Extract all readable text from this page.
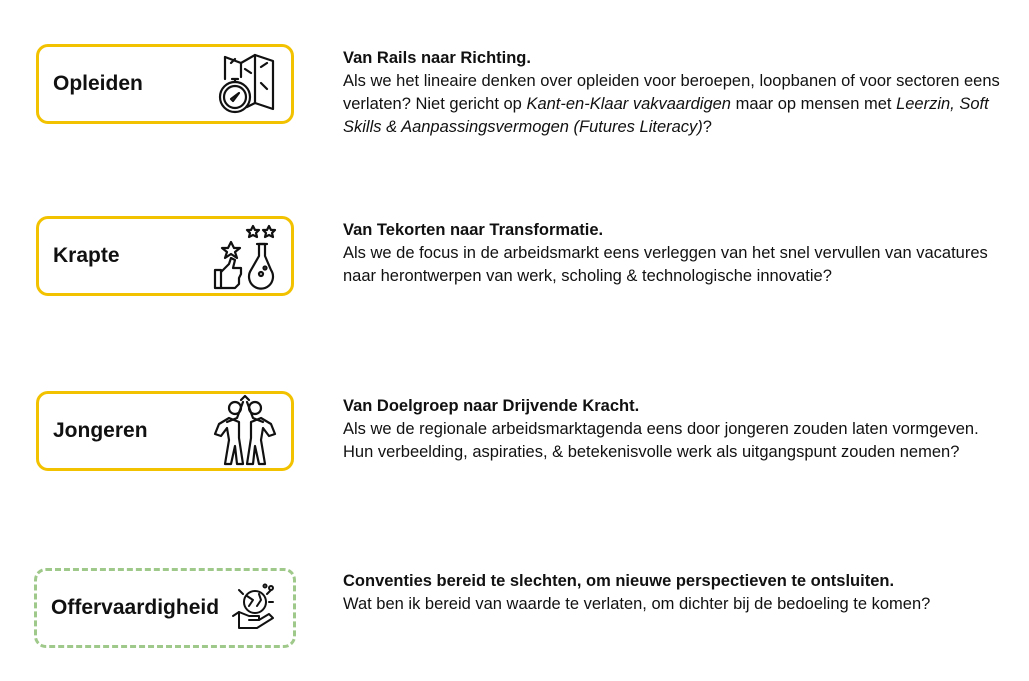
Opleiden
Van Rails naar Richting.
Als we het lineaire denken over opleiden voor beroepen, loopbanen of voor sectoren eens verlaten? Niet gericht op Kant-en-Klaar vakvaardigen maar op mensen met Leerzin, Soft Skills & Aanpassingsvermogen (Futures Literacy)?
Krapte
Van Tekorten naar Transformatie.
Als we de focus in de arbeidsmarkt eens verleggen van het snel vervullen van vacatures naar herontwerpen van werk, scholing & technologische innovatie?
Jongeren
Van Doelgroep naar Drijvende Kracht.
Als we de regionale arbeidsmarktagenda eens door jongeren zouden laten vormgeven. Hun verbeelding, aspiraties, & betekenisvolle werk als uitgangspunt zouden nemen?
Offervaardigheid
Conventies bereid te slechten, om nieuwe perspectieven te ontsluiten.
Wat ben ik bereid van waarde te verlaten, om dichter bij de bedoeling te komen?
